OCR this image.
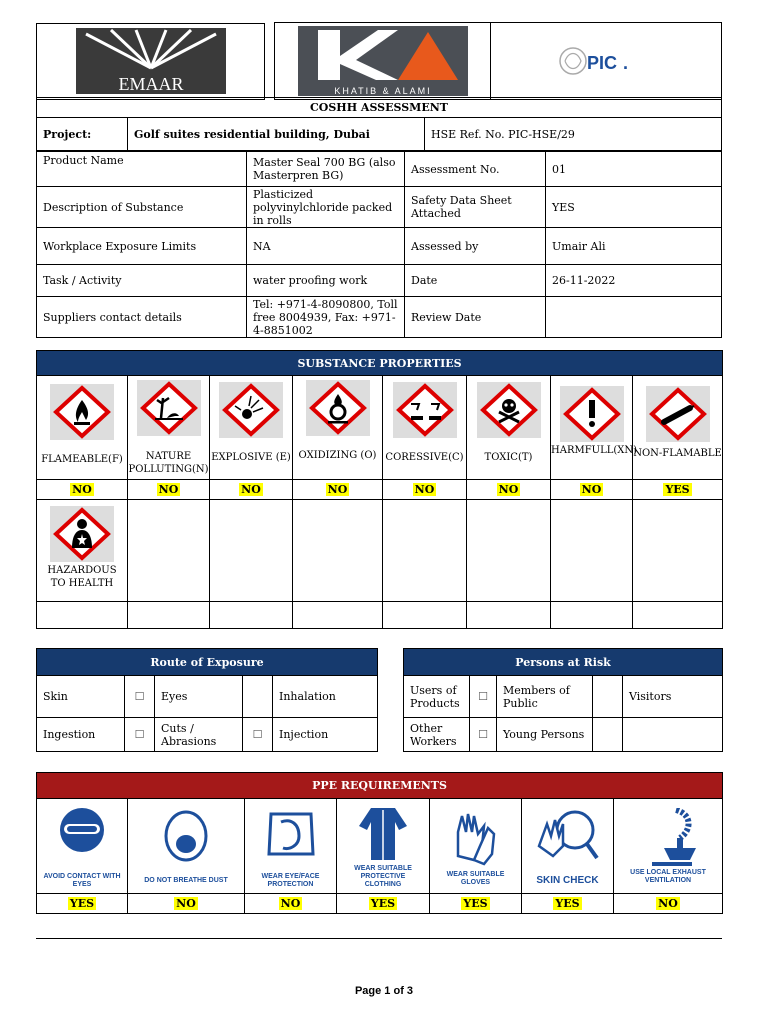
EMAAR	KHATIB & ALAMI

PIC .
COSHH ASSESSMENT
Project:	Golf suites residential building, Dubai	HSE Ref. No. PIC-HSE/29
Product Name	Master Seal 700 BG (also Masterpren BG)	Assessment No.	01
Description of Substance	Plasticized polyvinylchloride packed in rolls	Safety Data Sheet Attached	YES
Workplace Exposure Limits	NA	Assessed by	Umair Ali
Task / Activity	water proofing work	Date	26-11-2022
Suppliers contact details	Tel: +971-4-8090800, Toll free 8004939, Fax: +971-4-8851002	Review Date	
SUBSTANCE PROPERTIES							

FLAMEABLE(F)	NATURE POLLUTING(N)	EXPLOSIVE (E)	OXIDIZING (O)	CORESSIVE(C)	TOXIC(T)	HARMFULL(XN)	NON-FLAMABLE

NO	NO	NO	NO	NO	NO	NO	YES

HAZARDOUS TO HEALTH							

Route of Exposure				
Skin	☐	Eyes		Inhalation
Ingestion	☐	Cuts / Abrasions	☐	Injection
Persons at Risk				
Users of Products	☐	Members of Public		Visitors
Other Workers	☐	Young Persons		
PPE REQUIREMENTS						

AVOID CONTACT WITH EYES	DO NOT BREATHE DUST	WEAR EYE/FACE PROTECTION	WEAR SUITABLE PROTECTIVE CLOTHING	WEAR SUITABLE GLOVES	SKIN CHECK	USE LOCAL EXHAUST VENTILATION

YES	NO	NO	YES	YES	YES	NO
Page 1 of 3
